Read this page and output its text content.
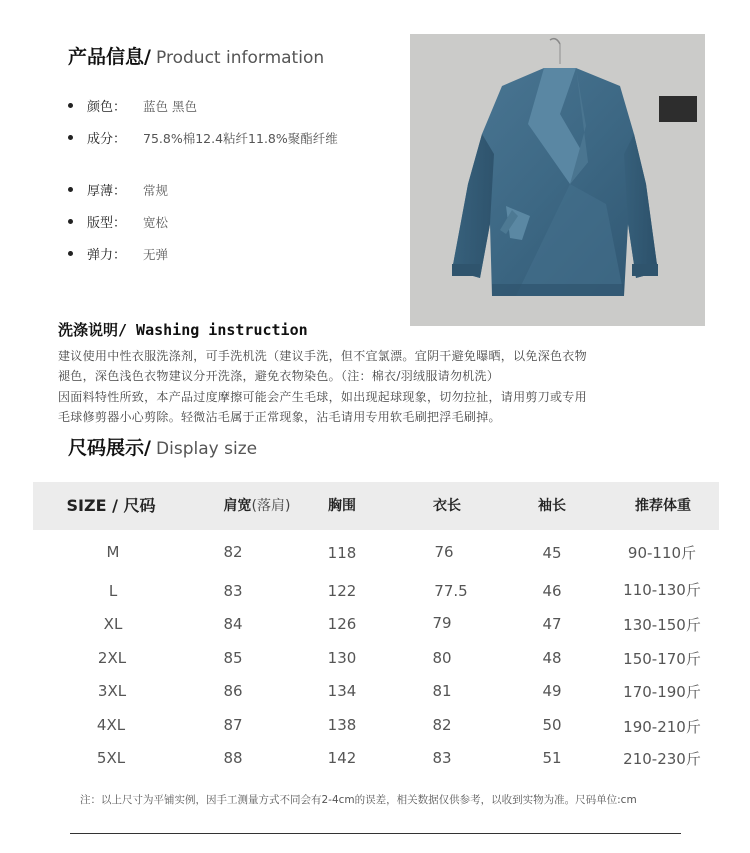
产品信息/ Product information
颜色：	蓝色 黑色
成分：	75.8%棉12.4粘纤11.8%聚酯纤维
厚薄：	常规
版型：	宽松
弹力：	无弹
洗涤说明/ Washing instruction
建议使用中性衣服洗涤剂，可手洗机洗（建议手洗，但不宜氯漂。宜阴干避免曝晒，以免深色衣物
褪色，深色浅色衣物建议分开洗涤，避免衣物染色。（注：棉衣/羽绒服请勿机洗）
因面料特性所致，本产品过度摩擦可能会产生毛球，如出现起球现象，切勿拉扯，请用剪刀或专用
毛球修剪器小心剪除。轻微沾毛属于正常现象，沾毛请用专用软毛刷把浮毛刷掉。
尺码展示/ Display size
SIZE / 尺码	肩宽(落肩)	胸围	衣长	袖长	推荐体重
M	82	118	76	45	90-110斤
L	83	122	77.5	46	110-130斤
XL	84	126	79	47	130-150斤
2XL	85	130	80	48	150-170斤
3XL	86	134	81	49	170-190斤
4XL	87	138	82	50	190-210斤
5XL	88	142	83	51	210-230斤
注：以上尺寸为平铺实例，因手工测量方式不同会有2-4cm的误差，相关数据仅供参考，以收到实物为准。尺码单位:cm
